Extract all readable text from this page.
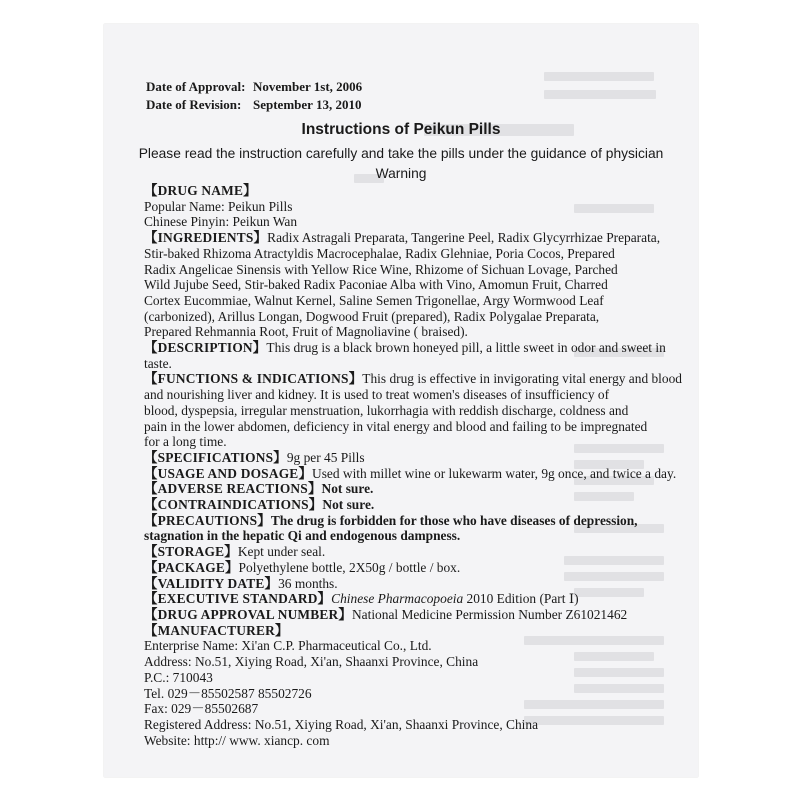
Date of Approval: November 1st, 2006
Date of Revision: September 13, 2010
Instructions of Peikun Pills
Please read the instruction carefully and take the pills under the guidance of physician
Warning

【DRUG NAME】

Popular Name: Peikun Pills

Chinese Pinyin: Peikun Wan

【INGREDIENTS】Radix Astragali Preparata, Tangerine Peel, Radix Glycyrrhizae Preparata,

Stir-baked Rhizoma Atractyldis Macrocephalae, Radix Glehniae, Poria Cocos, Prepared

Radix Angelicae Sinensis with Yellow Rice Wine, Rhizome of Sichuan Lovage, Parched

Wild Jujube Seed, Stir-baked Radix Paconiae Alba with Vino, Amomun Fruit, Charred

Cortex Eucommiae, Walnut Kernel, Saline Semen Trigonellae, Argy Wormwood Leaf

(carbonized), Arillus Longan, Dogwood Fruit (prepared), Radix Polygalae Preparata,

Prepared Rehmannia Root, Fruit of Magnoliavine ( braised).

【DESCRIPTION】This drug is a black brown honeyed pill, a little sweet in odor and sweet in

taste.

【FUNCTIONS & INDICATIONS】This drug is effective in invigorating vital energy and blood

and nourishing liver and kidney. It is used to treat women's diseases of insufficiency of

blood, dyspepsia, irregular menstruation, lukorrhagia with reddish discharge, coldness and

pain in the lower abdomen, deficiency in vital energy and blood and failing to be impregnated

for a long time.

【SPECIFICATIONS】9g per 45 Pills

【USAGE AND DOSAGE】Used with millet wine or lukewarm water, 9g once, and twice a day.

【ADVERSE REACTIONS】Not sure.

【CONTRAINDICATIONS】Not sure.

【PRECAUTIONS】The drug is forbidden for those who have diseases of depression,

stagnation in the hepatic Qi and endogenous dampness.

【STORAGE】Kept under seal.

【PACKAGE】Polyethylene bottle, 2X50g / bottle / box.

【VALIDITY DATE】36 months.

【EXECUTIVE STANDARD】Chinese Pharmacopoeia 2010 Edition (Part Ⅰ)

【DRUG APPROVAL NUMBER】National Medicine Permission Number Z61021462

【MANUFACTURER】

Enterprise Name: Xi'an C.P. Pharmaceutical Co., Ltd.

Address: No.51, Xiying Road, Xi'an, Shaanxi Province, China

P.C.: 710043

Tel. 029－85502587 85502726

Fax: 029－85502687

Registered Address: No.51, Xiying Road, Xi'an, Shaanxi Province, China

Website: http:// www. xiancp. com
